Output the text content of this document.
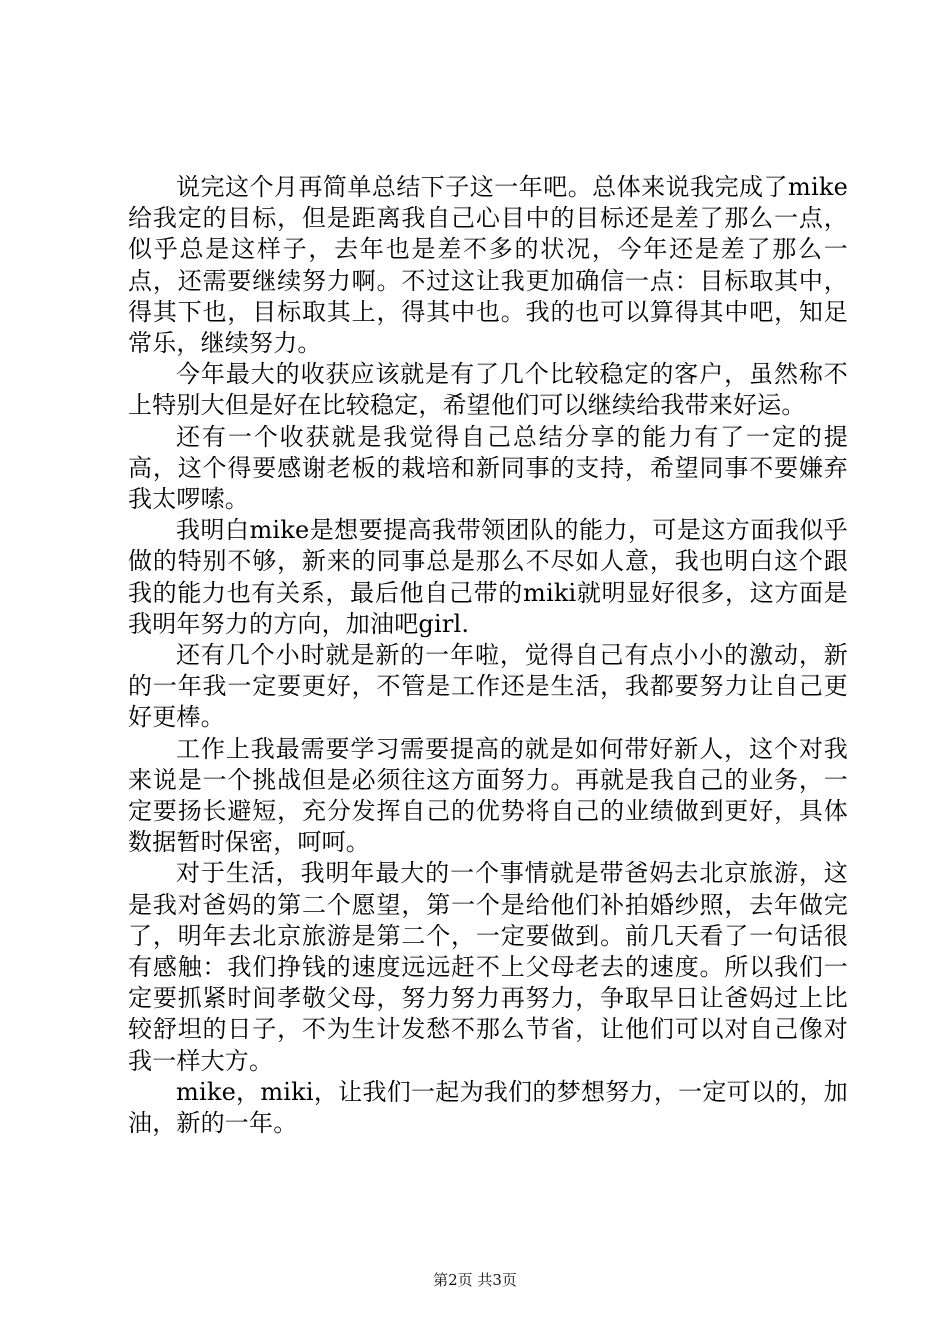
说完这个月再简单总结下子这一年吧。总体来说我完成了mike给我定的目标，但是距离我自己心目中的目标还是差了那么一点，似乎总是这样子，去年也是差不多的状况，今年还是差了那么一点，还需要继续努力啊。不过这让我更加确信一点：目标取其中，得其下也，目标取其上，得其中也。我的也可以算得其中吧，知足常乐，继续努力。

今年最大的收获应该就是有了几个比较稳定的客户，虽然称不上特别大但是好在比较稳定，希望他们可以继续给我带来好运。

还有一个收获就是我觉得自己总结分享的能力有了一定的提高，这个得要感谢老板的栽培和新同事的支持，希望同事不要嫌弃我太啰嗦。

我明白mike是想要提高我带领团队的能力，可是这方面我似乎做的特别不够，新来的同事总是那么不尽如人意，我也明白这个跟我的能力也有关系，最后他自己带的miki就明显好很多，这方面是我明年努力的方向，加油吧girl.

还有几个小时就是新的一年啦，觉得自己有点小小的激动，新的一年我一定要更好，不管是工作还是生活，我都要努力让自己更好更棒。

工作上我最需要学习需要提高的就是如何带好新人，这个对我来说是一个挑战但是必须往这方面努力。再就是我自己的业务，一定要扬长避短，充分发挥自己的优势将自己的业绩做到更好，具体数据暂时保密，呵呵。

对于生活，我明年最大的一个事情就是带爸妈去北京旅游，这是我对爸妈的第二个愿望，第一个是给他们补拍婚纱照，去年做完了，明年去北京旅游是第二个，一定要做到。前几天看了一句话很有感触：我们挣钱的速度远远赶不上父母老去的速度。所以我们一定要抓紧时间孝敬父母，努力努力再努力，争取早日让爸妈过上比较舒坦的日子，不为生计发愁不那么节省，让他们可以对自己像对我一样大方。

mike，miki，让我们一起为我们的梦想努力，一定可以的，加油，新的一年。

第2页 共3页
